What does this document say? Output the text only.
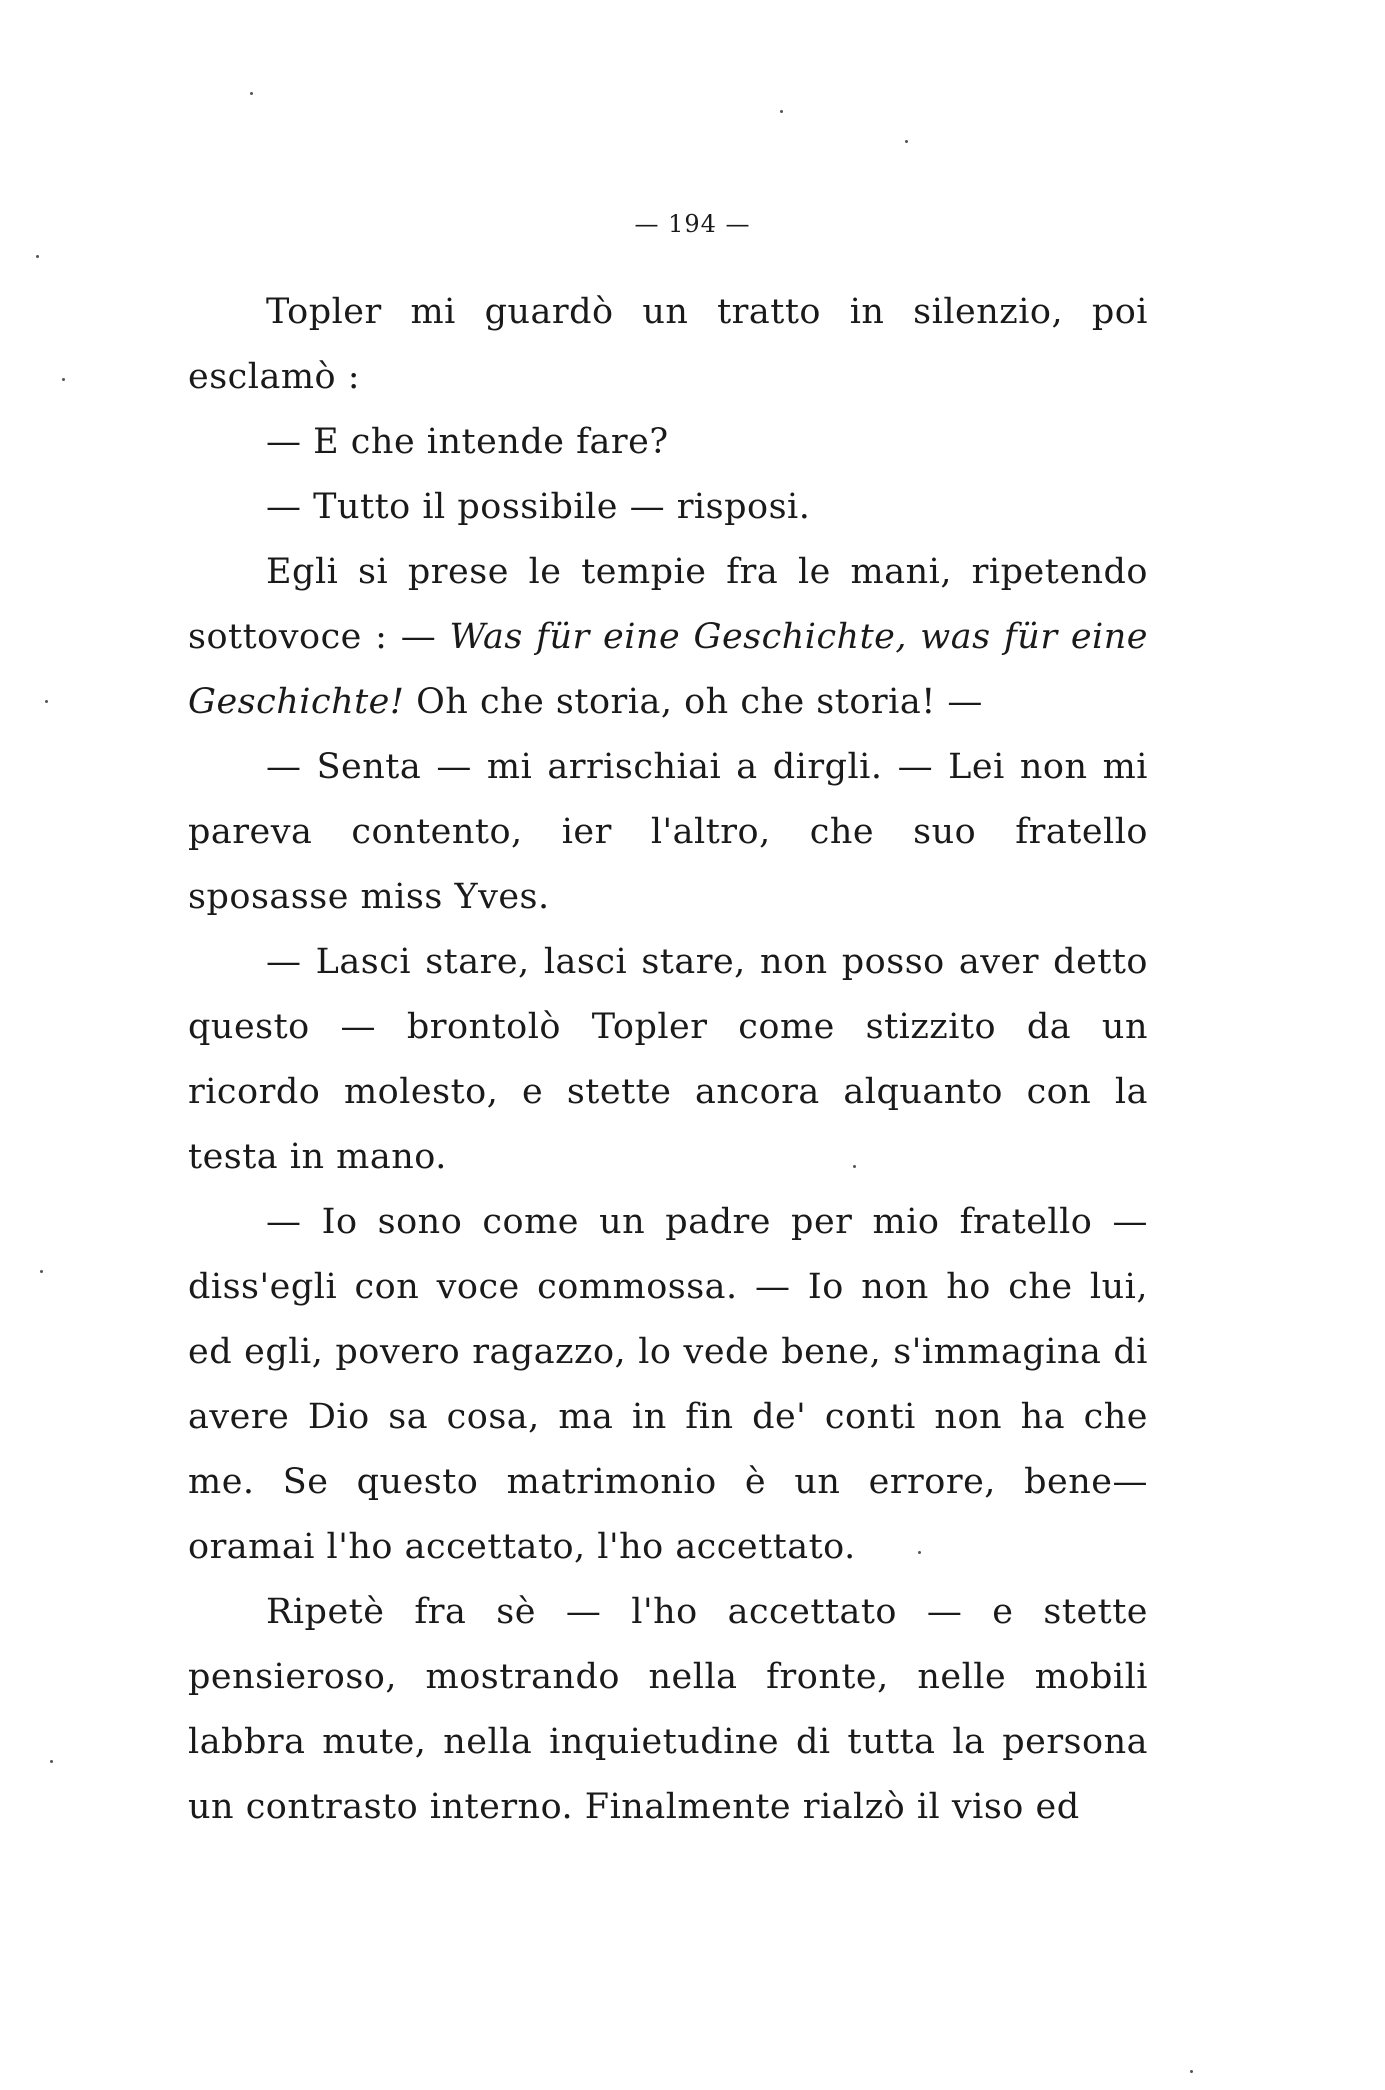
— 194 —

Topler mi guardò un tratto in silenzio, poi esclamò :

— E che intende fare?

— Tutto il possibile — risposi.

Egli si prese le tempie fra le mani, ripetendo sottovoce : — Was für eine Geschichte, was für eine Geschichte! Oh che storia, oh che storia! —

— Senta — mi arrischiai a dirgli. — Lei non mi pareva contento, ier l'altro, che suo fratello sposasse miss Yves.

— Lasci stare, lasci stare, non posso aver detto questo — brontolò Topler come stizzito da un ricordo molesto, e stette ancora alquanto con la testa in mano.

— Io sono come un padre per mio fratello — diss'egli con voce commossa. — Io non ho che lui, ed egli, povero ragazzo, lo vede bene, s'immagina di avere Dio sa cosa, ma in fin de' conti non ha che me. Se questo matrimonio è un errore, bene— oramai l'ho accettato, l'ho accettato.

Ripetè fra sè — l'ho accettato — e stette pensieroso, mostrando nella fronte, nelle mobili labbra mute, nella inquietudine di tutta la persona un contrasto interno. Finalmente rialzò il viso ed
